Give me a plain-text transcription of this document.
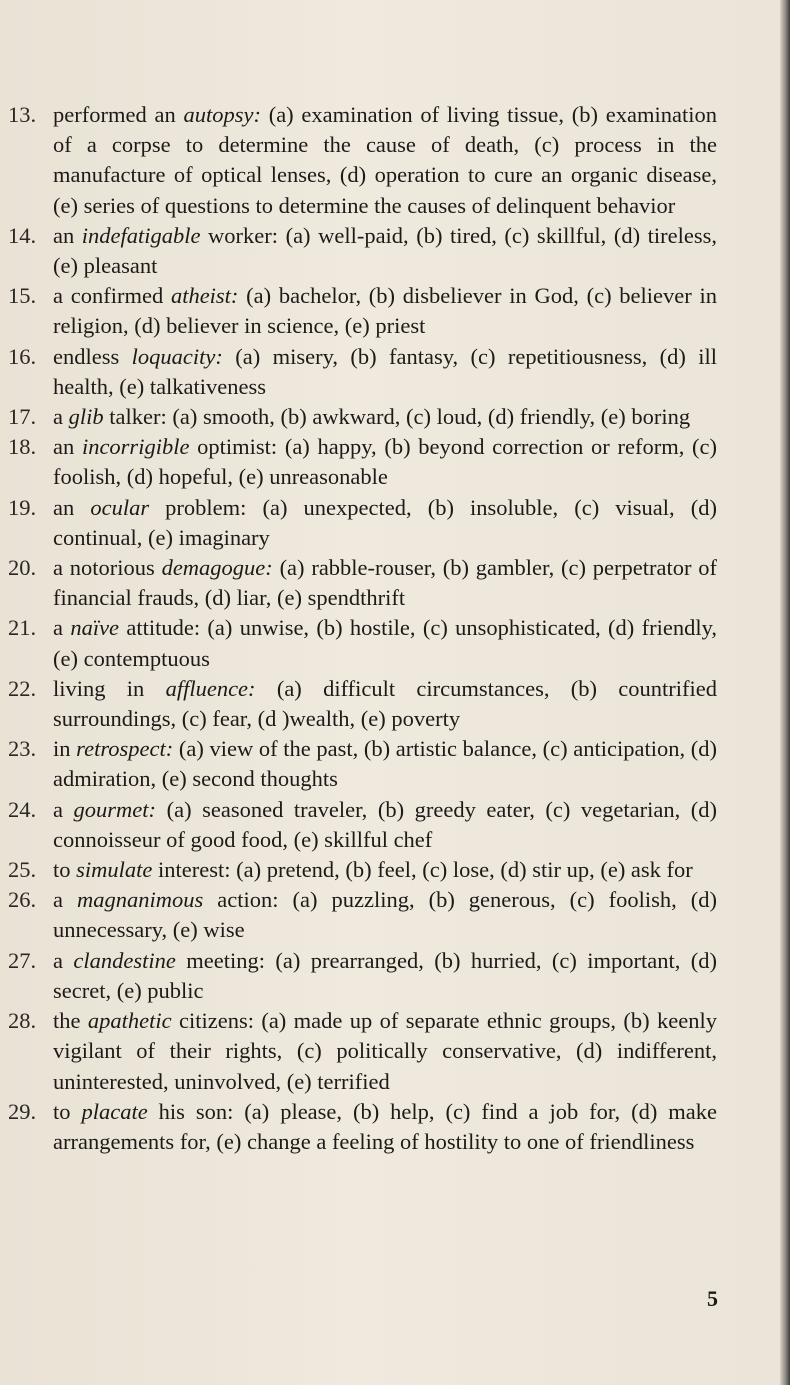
13. performed an autopsy: (a) examination of living tissue, (b) examination of a corpse to determine the cause of death, (c) process in the manufacture of optical lenses, (d) operation to cure an organic disease, (e) series of questions to determine the causes of delinquent behavior
14. an indefatigable worker: (a) well-paid, (b) tired, (c) skillful, (d) tireless, (e) pleasant
15. a confirmed atheist: (a) bachelor, (b) disbeliever in God, (c) believer in religion, (d) believer in science, (e) priest
16. endless loquacity: (a) misery, (b) fantasy, (c) repetitiousness, (d) ill health, (e) talkativeness
17. a glib talker: (a) smooth, (b) awkward, (c) loud, (d) friendly, (e) boring
18. an incorrigible optimist: (a) happy, (b) beyond correction or reform, (c) foolish, (d) hopeful, (e) unreasonable
19. an ocular problem: (a) unexpected, (b) insoluble, (c) visual, (d) continual, (e) imaginary
20. a notorious demagogue: (a) rabble-rouser, (b) gambler, (c) perpetrator of financial frauds, (d) liar, (e) spendthrift
21. a naïve attitude: (a) unwise, (b) hostile, (c) unsophisticated, (d) friendly, (e) contemptuous
22. living in affluence: (a) difficult circumstances, (b) countrified surroundings, (c) fear, (d )wealth, (e) poverty
23. in retrospect: (a) view of the past, (b) artistic balance, (c) anticipation, (d) admiration, (e) second thoughts
24. a gourmet: (a) seasoned traveler, (b) greedy eater, (c) vegetarian, (d) connoisseur of good food, (e) skillful chef
25. to simulate interest: (a) pretend, (b) feel, (c) lose, (d) stir up, (e) ask for
26. a magnanimous action: (a) puzzling, (b) generous, (c) foolish, (d) unnecessary, (e) wise
27. a clandestine meeting: (a) prearranged, (b) hurried, (c) important, (d) secret, (e) public
28. the apathetic citizens: (a) made up of separate ethnic groups, (b) keenly vigilant of their rights, (c) politically conservative, (d) indifferent, uninterested, uninvolved, (e) terrified
29. to placate his son: (a) please, (b) help, (c) find a job for, (d) make arrangements for, (e) change a feeling of hostility to one of friendliness
5
